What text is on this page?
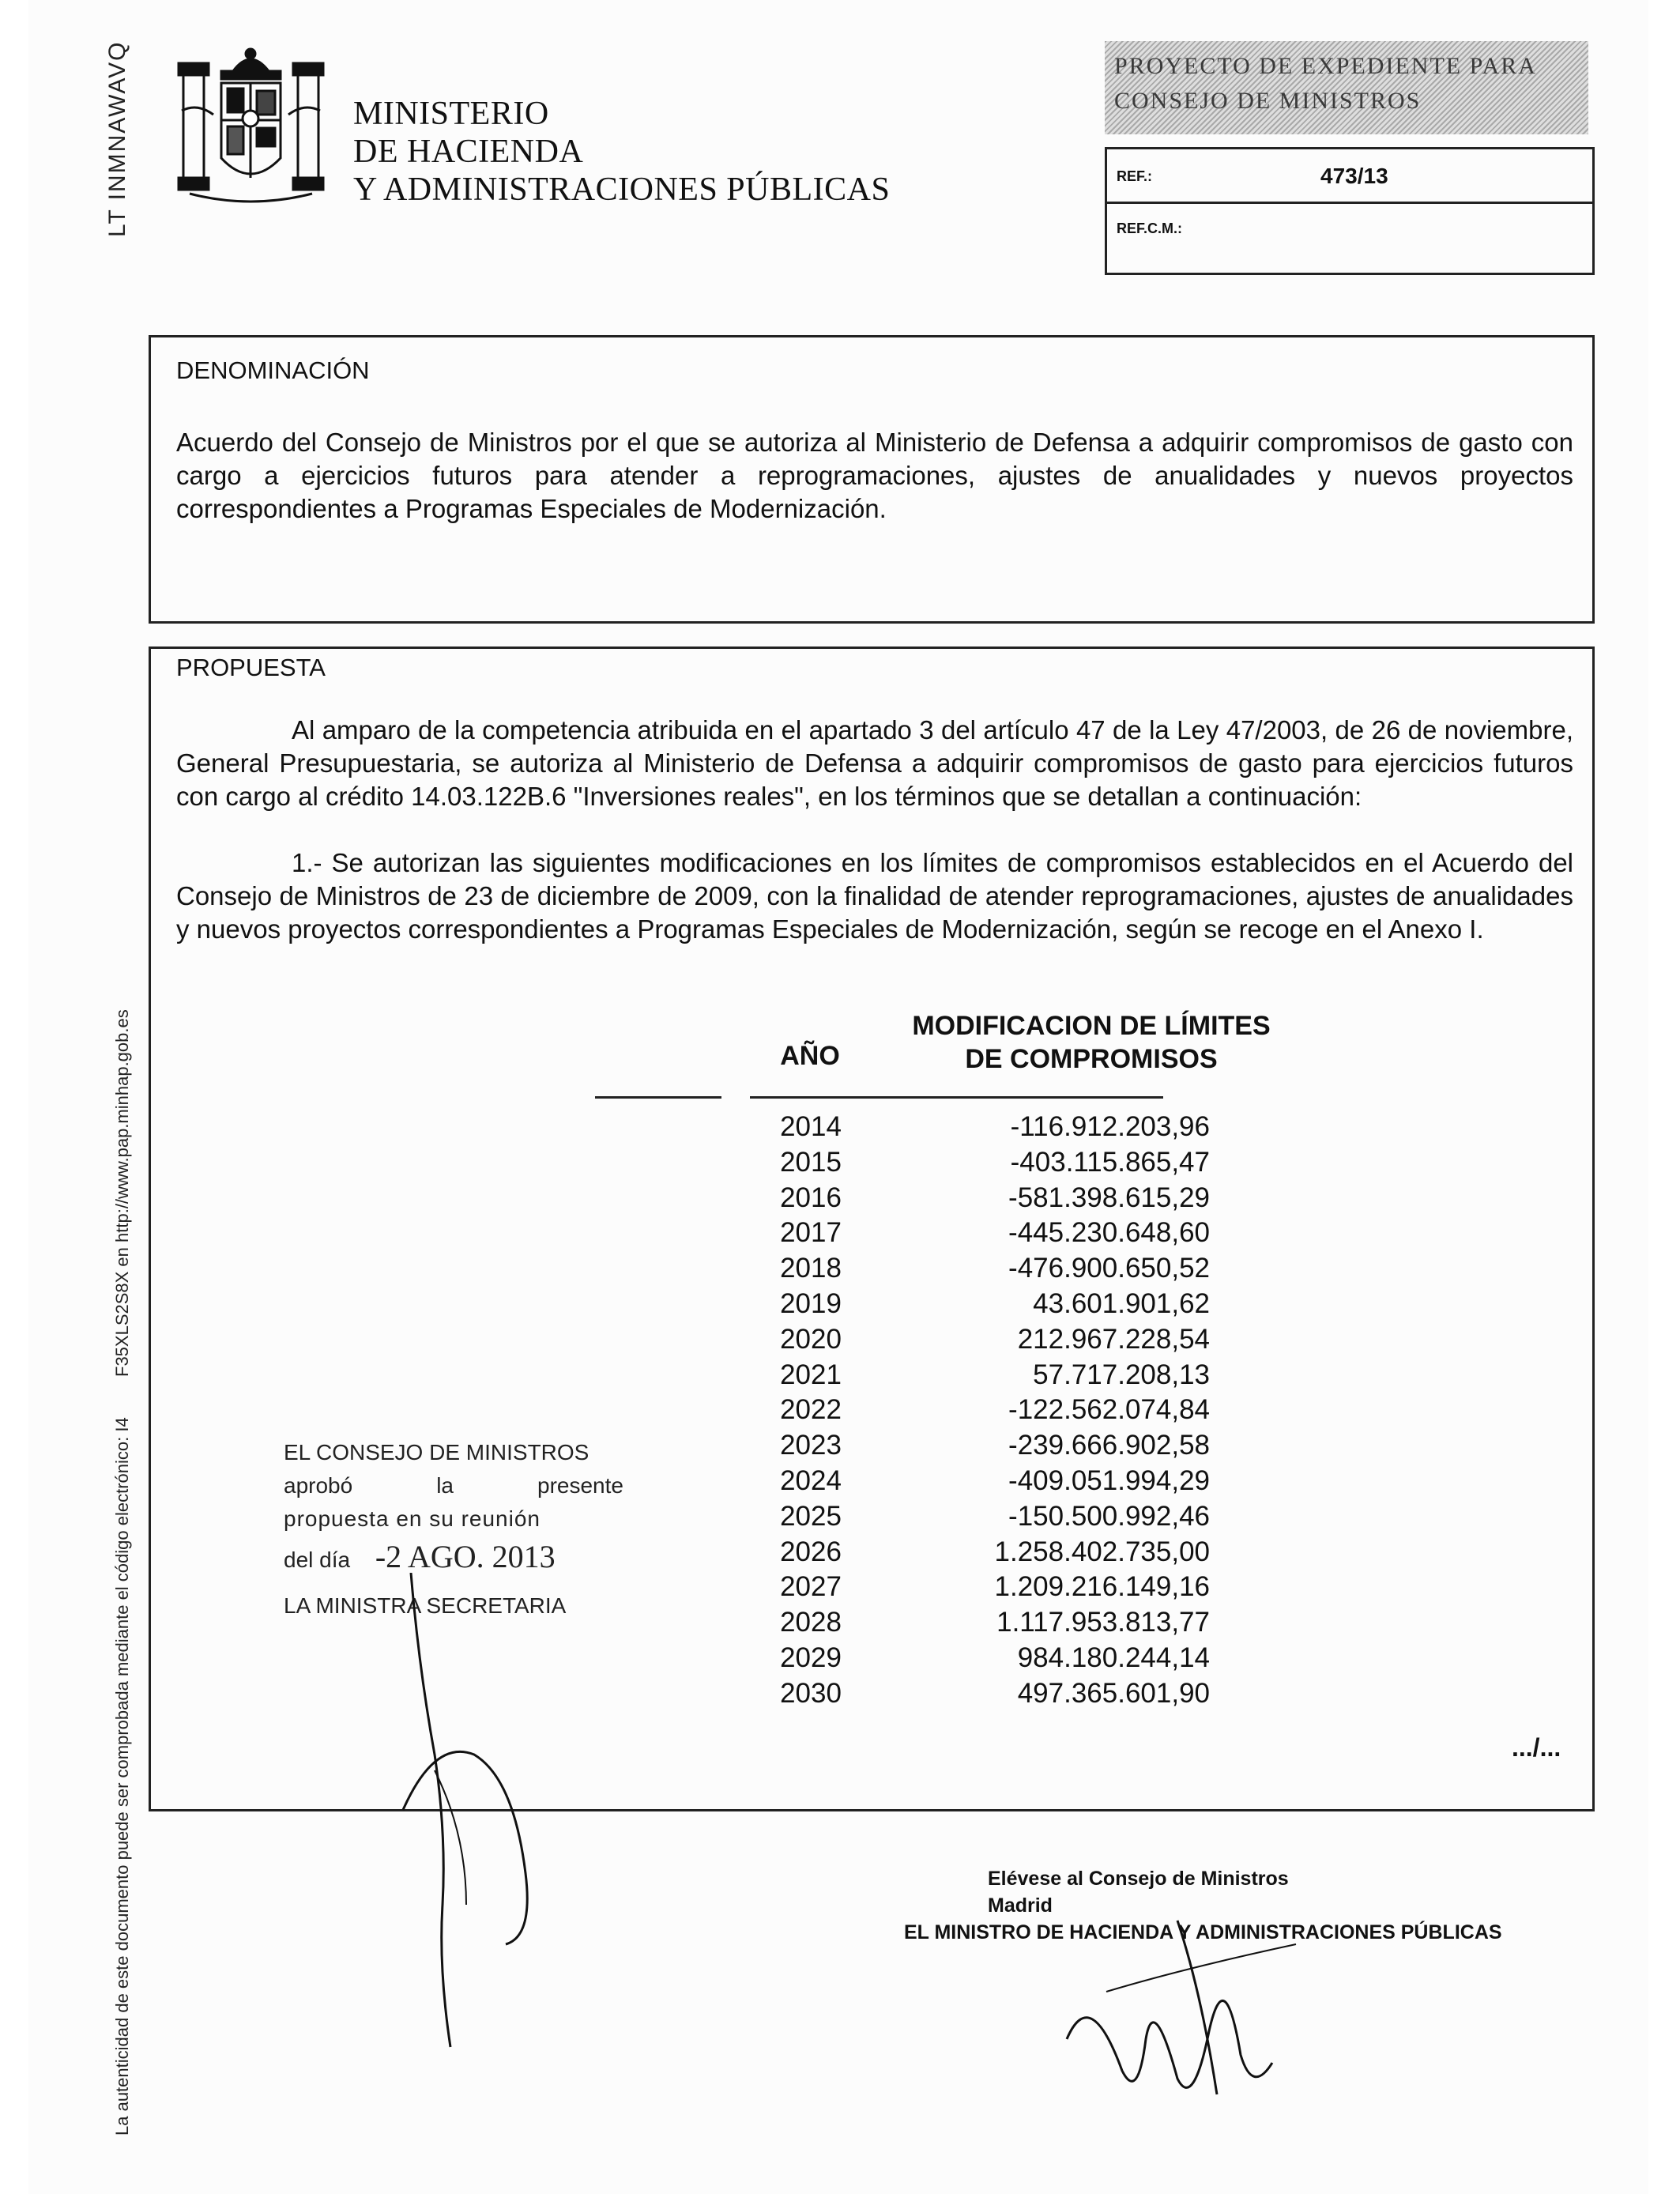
LT INMNAWAVQ
La autenticidad de este documento puede ser comprobada mediante el código electrónico: I4
F35XLS2S8X en http://www.pap.minhap.gob.es
MINISTERIO
DE HACIENDA
Y ADMINISTRACIONES PÚBLICAS
PROYECTO DE EXPEDIENTE PARA
CONSEJO DE MINISTROS
REF.:	473/13
REF.C.M.:
DENOMINACIÓN
Acuerdo del Consejo de Ministros por el que se autoriza al Ministerio de Defensa a adquirir compromisos de gasto con cargo a ejercicios futuros para atender a reprogramaciones, ajustes de anualidades y nuevos proyectos correspondientes a Programas Especiales de Modernización.
PROPUESTA
Al amparo de la competencia atribuida en el apartado 3 del artículo 47 de la Ley 47/2003, de 26 de noviembre, General Presupuestaria, se autoriza al Ministerio de Defensa a adquirir compromisos de gasto para ejercicios futuros con cargo al crédito 14.03.122B.6 "Inversiones reales", en los términos que se detallan a continuación:
1.- Se autorizan las siguientes modificaciones en los límites de compromisos establecidos en el Acuerdo del Consejo de Ministros de 23 de diciembre de 2009, con la finalidad de atender reprogramaciones, ajustes de anualidades y nuevos proyectos correspondientes a Programas Especiales de Modernización, según se recoge en el Anexo I.
AÑO
MODIFICACION DE LÍMITES
DE COMPROMISOS
2014	-116.912.203,96
2015	-403.115.865,47
2016	-581.398.615,29
2017	-445.230.648,60
2018	-476.900.650,52
2019	43.601.901,62
2020	212.967.228,54
2021	57.717.208,13
2022	-122.562.074,84
2023	-239.666.902,58
2024	-409.051.994,29
2025	-150.500.992,46
2026	1.258.402.735,00
2027	1.209.216.149,16
2028	1.117.953.813,77
2029	984.180.244,14
2030	497.365.601,90
.../...
EL CONSEJO DE MINISTROS
aprobó	la	presente
propuesta en su reunión
del día -2 AGO. 2013
LA MINISTRA SECRETARIA
Elévese al Consejo de Ministros
Madrid
EL MINISTRO DE HACIENDA Y ADMINISTRACIONES PÚBLICAS
